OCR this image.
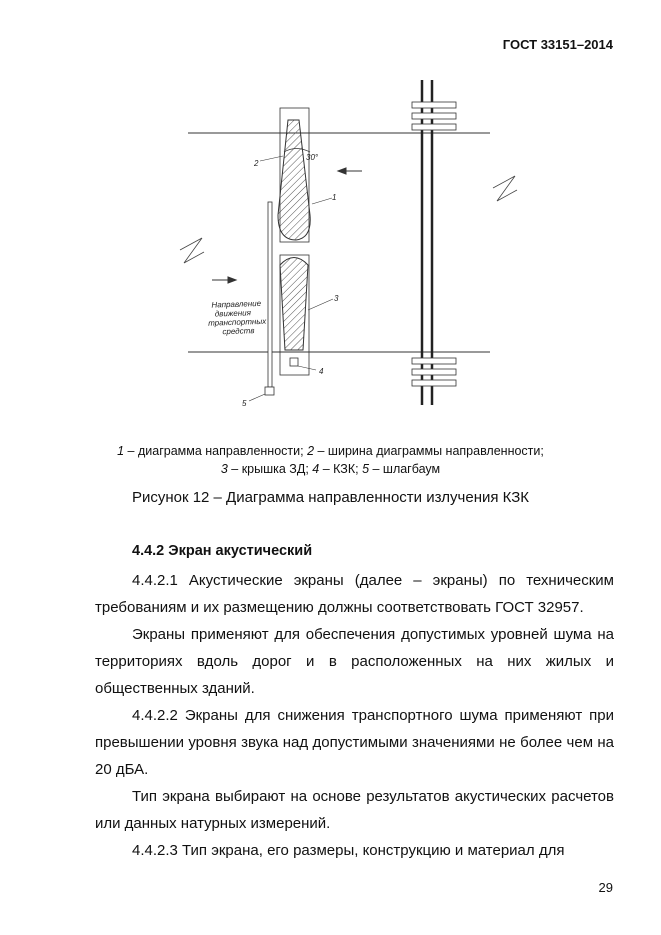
ГОСТ 33151–2014
2
30°
1
3
4
5
Направление
движения
транспортных
средств
1 – диаграмма направленности; 2 – ширина диаграммы направленности;
3 – крышка ЗД; 4 – КЗК; 5 – шлагбаум
Рисунок 12 – Диаграмма направленности излучения КЗК
4.4.2 Экран акустический

4.4.2.1 Акустические экраны (далее – экраны) по техническим требованиям и их размещению должны соответствовать ГОСТ 32957.

Экраны применяют для обеспечения допустимых уровней шума на территориях вдоль дорог и в расположенных на них жилых и общественных зданий.

4.4.2.2 Экраны для снижения транспортного шума применяют при превышении уровня звука над допустимыми значениями не более чем на 20 дБА.

Тип экрана выбирают на основе результатов акустических расчетов или данных натурных измерений.

4.4.2.3 Тип экрана, его размеры, конструкцию и материал для

29
